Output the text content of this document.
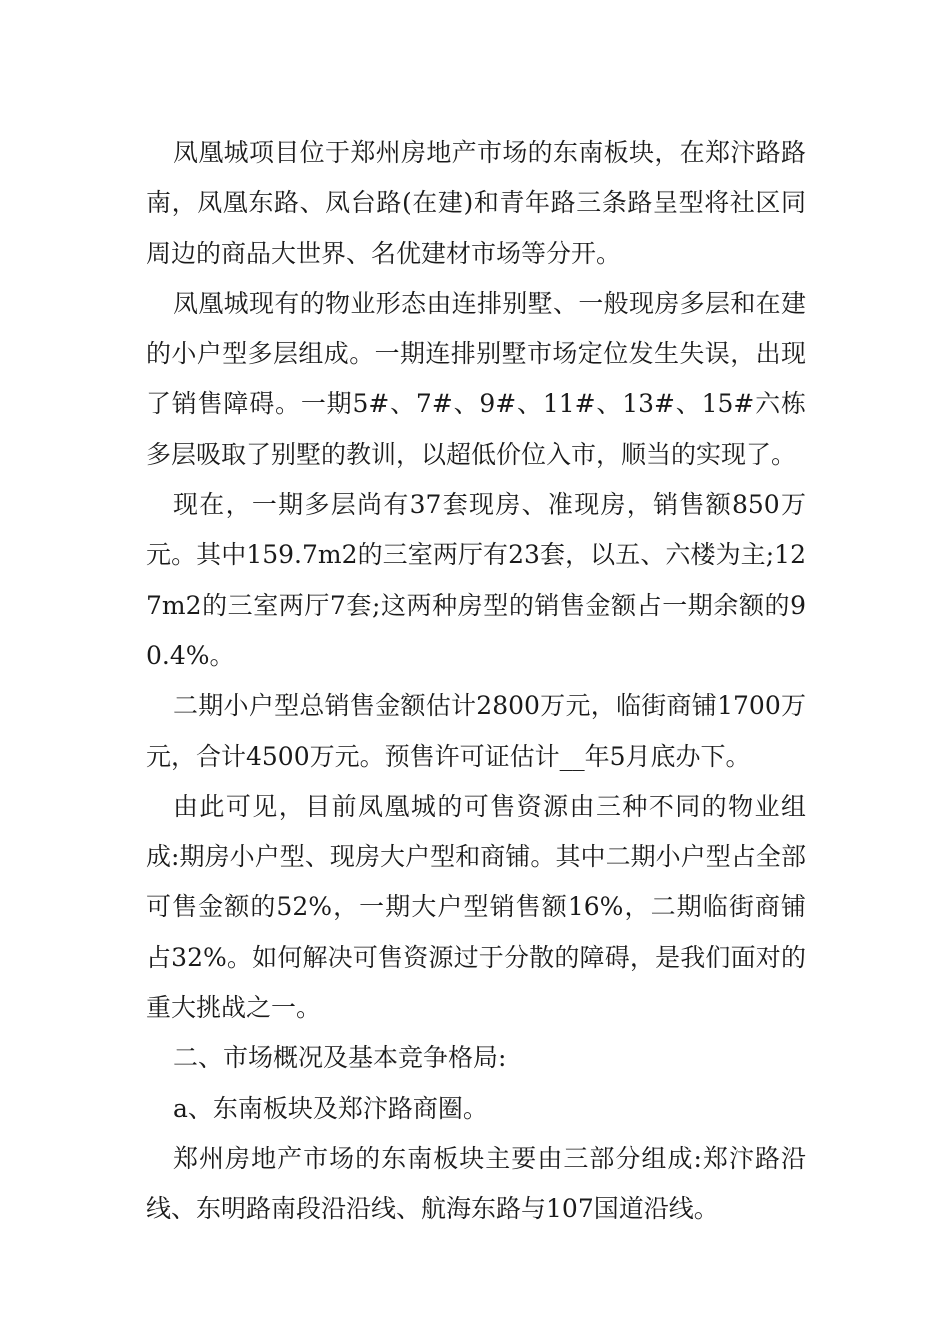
凤凰城项目位于郑州房地产市场的东南板块，在郑汴路路南，凤凰东路、凤台路(在建)和青年路三条路呈型将社区同周边的商品大世界、名优建材市场等分开。

凤凰城现有的物业形态由连排别墅、一般现房多层和在建的小户型多层组成。一期连排别墅市场定位发生失误，出现了销售障碍。一期5#、7#、9#、11#、13#、15#六栋多层吸取了别墅的教训，以超低价位入市，顺当的实现了。

现在，一期多层尚有37套现房、准现房，销售额850万元。其中159.7m2的三室两厅有23套，以五、六楼为主;127m2的三室两厅7套;这两种房型的销售金额占一期余额的90.4%。

二期小户型总销售金额估计2800万元，临街商铺1700万元，合计4500万元。预售许可证估计__年5月底办下。

由此可见，目前凤凰城的可售资源由三种不同的物业组成:期房小户型、现房大户型和商铺。其中二期小户型占全部可售金额的52%，一期大户型销售额16%，二期临街商铺占32%。如何解决可售资源过于分散的障碍，是我们面对的重大挑战之一。

二、市场概况及基本竞争格局:

a、东南板块及郑汴路商圈。

郑州房地产市场的东南板块主要由三部分组成:郑汴路沿线、东明路南段沿沿线、航海东路与107国道沿线。
